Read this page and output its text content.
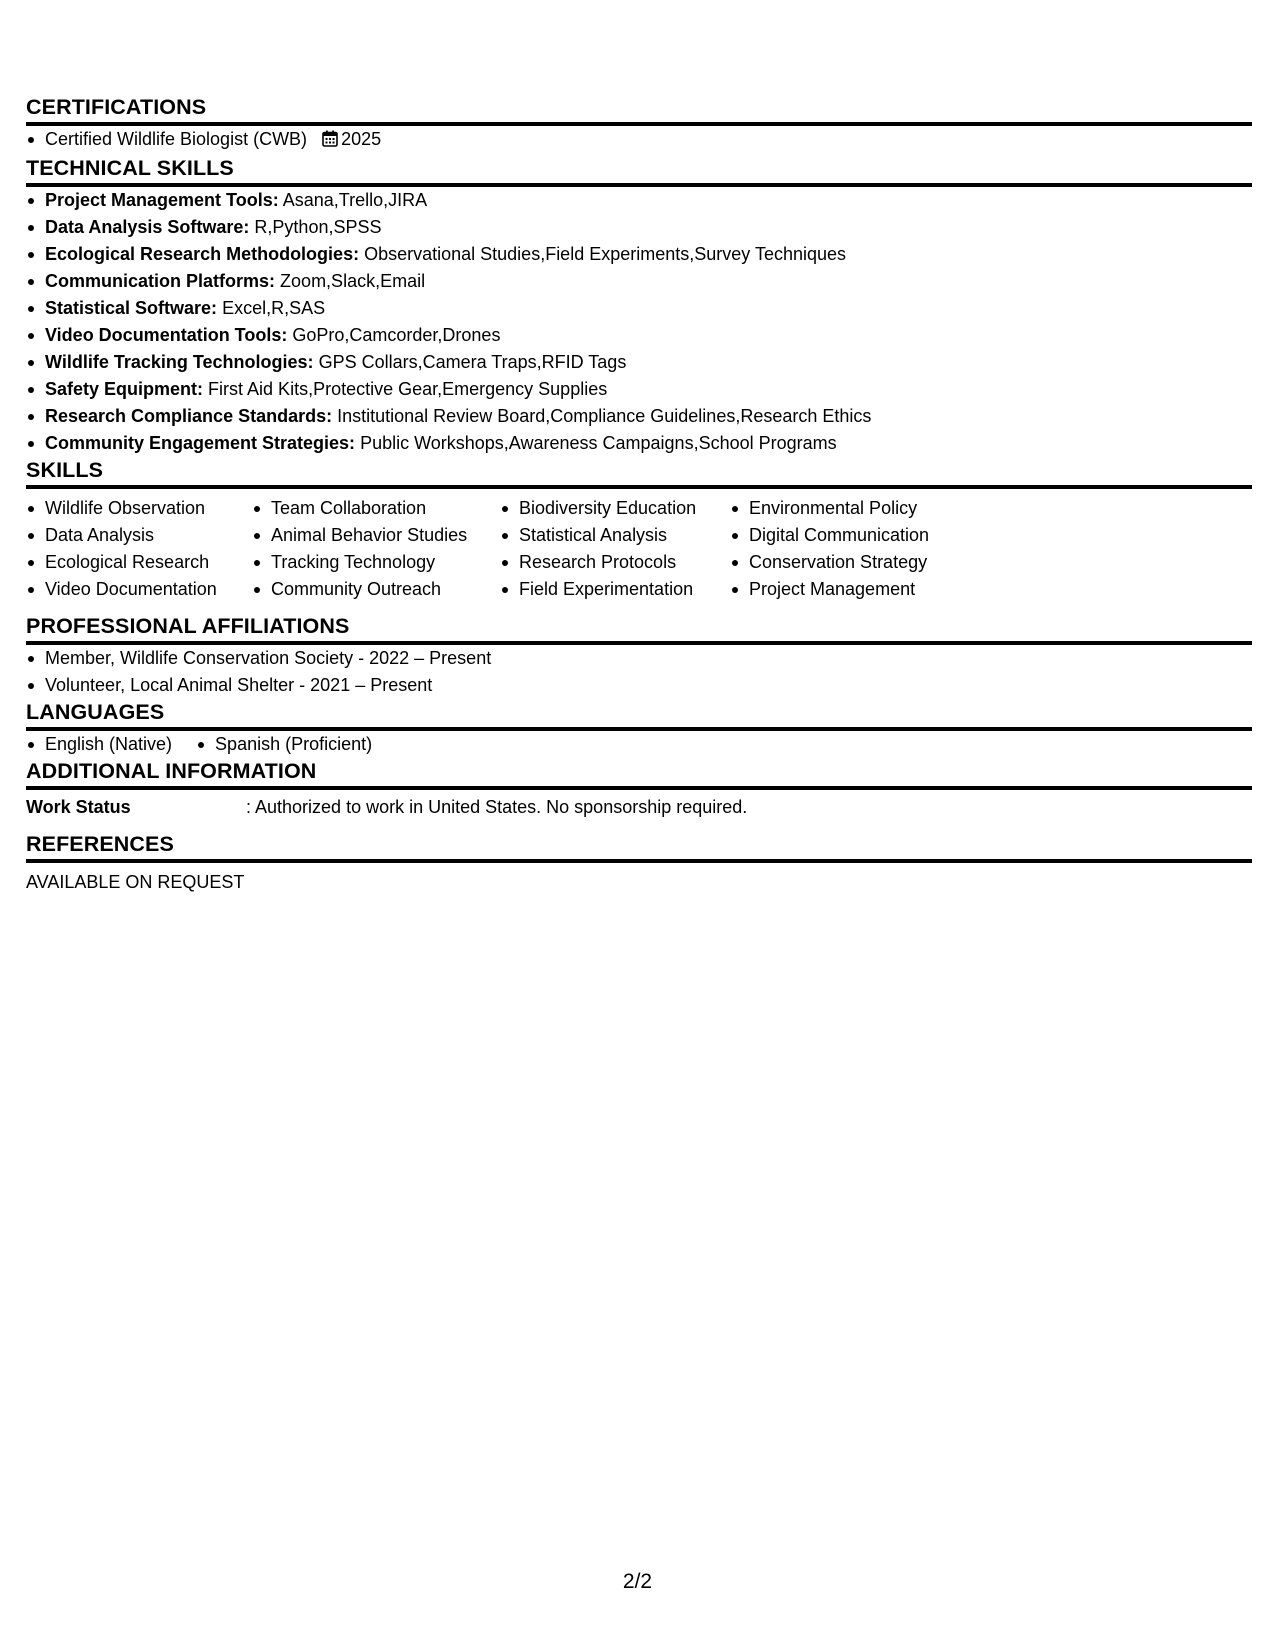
CERTIFICATIONS
Certified Wildlife Biologist (CWB) 2025
TECHNICAL SKILLS
Project Management Tools: Asana,Trello,JIRA
Data Analysis Software: R,Python,SPSS
Ecological Research Methodologies: Observational Studies,Field Experiments,Survey Techniques
Communication Platforms: Zoom,Slack,Email
Statistical Software: Excel,R,SAS
Video Documentation Tools: GoPro,Camcorder,Drones
Wildlife Tracking Technologies: GPS Collars,Camera Traps,RFID Tags
Safety Equipment: First Aid Kits,Protective Gear,Emergency Supplies
Research Compliance Standards: Institutional Review Board,Compliance Guidelines,Research Ethics
Community Engagement Strategies: Public Workshops,Awareness Campaigns,School Programs
SKILLS
Wildlife Observation
Data Analysis
Ecological Research
Video Documentation
Team Collaboration
Animal Behavior Studies
Tracking Technology
Community Outreach
Biodiversity Education
Statistical Analysis
Research Protocols
Field Experimentation
Environmental Policy
Digital Communication
Conservation Strategy
Project Management
PROFESSIONAL AFFILIATIONS
Member, Wildlife Conservation Society - 2022 – Present
Volunteer, Local Animal Shelter - 2021 – Present
LANGUAGES
English (Native)	Spanish (Proficient)
ADDITIONAL INFORMATION
Work Status	: Authorized to work in United States. No sponsorship required.
REFERENCES
AVAILABLE ON REQUEST
2/2
